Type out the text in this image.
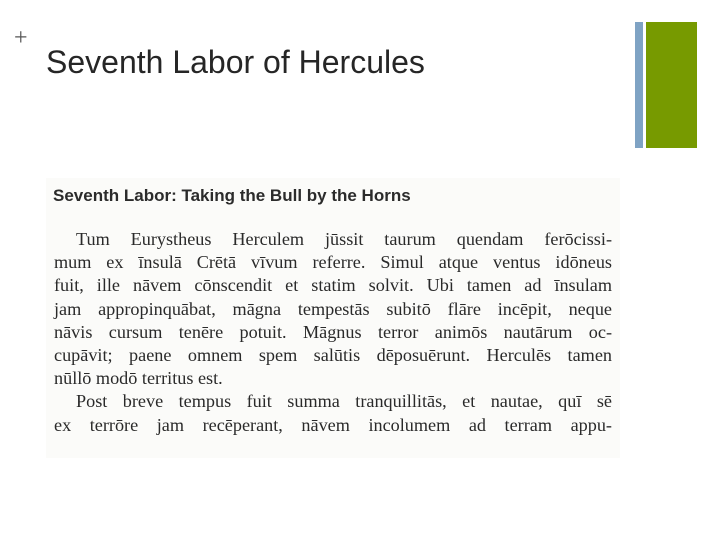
+
Seventh Labor of Hercules
Seventh Labor: Taking the Bull by the Horns
Tum Eurystheus Herculem jūssit taurum quendam ferōcissi-
mum ex īnsulā Crētā vīvum referre. Simul atque ventus idōneus
fuit, ille nāvem cōnscendit et statim solvit. Ubi tamen ad īnsulam
jam appropinquābat, māgna tempestās subitō flāre incēpit, neque
nāvis cursum tenēre potuit. Māgnus terror animōs nautārum oc-
cupāvit; paene omnem spem salūtis dēposuērunt. Herculēs tamen
nūllō modō territus est.
Post breve tempus fuit summa tranquillitās, et nautae, quī sē
ex terrōre jam recēperant, nāvem incolumem ad terram appu-
